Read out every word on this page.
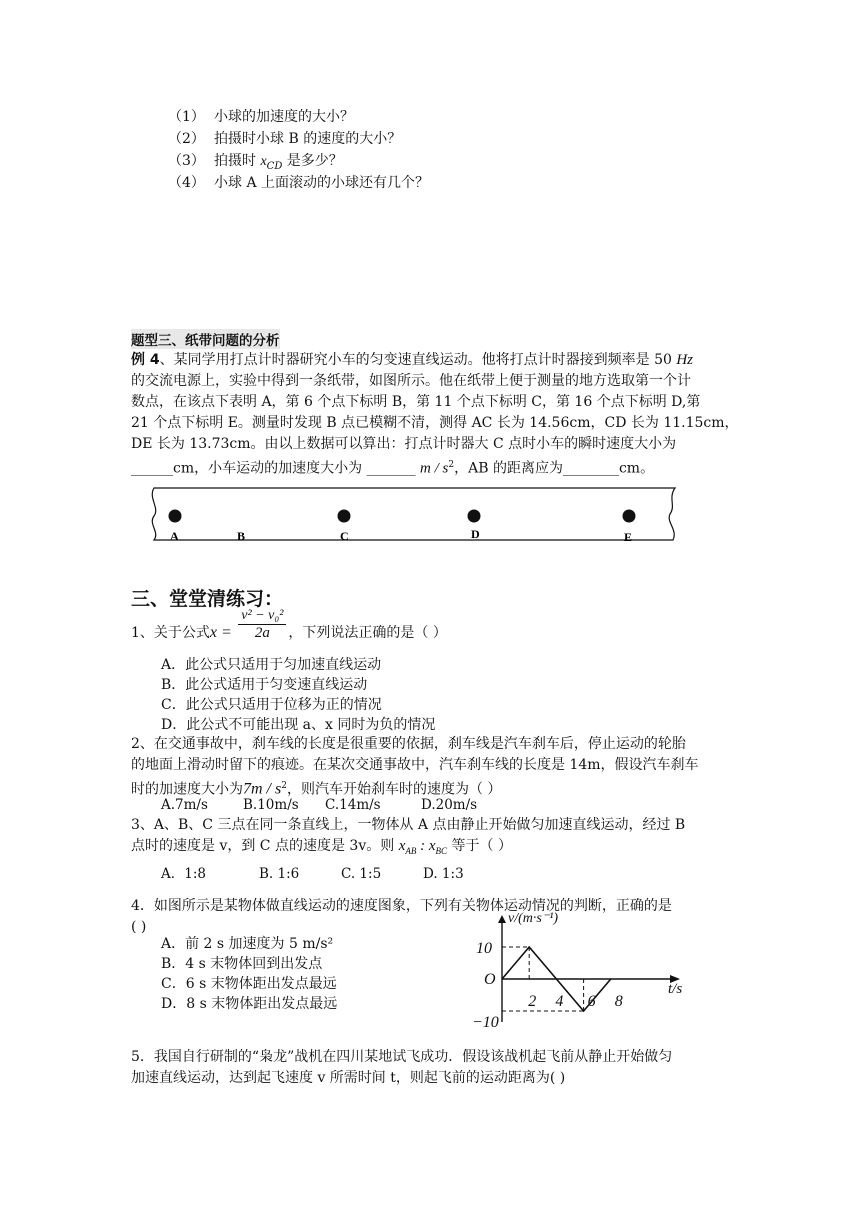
（1） 小球的加速度的大小？
（2） 拍摄时小球 B 的速度的大小？
（3） 拍摄时 $x_{CD}$ 是多少？
（4） 小球 A 上面滚动的小球还有几个？
题型三、纸带问题的分析
例 4、某同学用打点计时器研究小车的匀变速直线运动。他将打点计时器接到频率是 50 Hz
的交流电源上，实验中得到一条纸带，如图所示。他在纸带上便于测量的地方选取第一个计
数点，在该点下表明 A，第 6 个点下标明 B，第 11 个点下标明 C，第 16 个点下标明 D,第
21 个点下标明 E。测量时发现 B 点已模糊不清，测得 AC 长为 14.56cm，CD 长为 11.15cm，
DE 长为 13.73cm。由以上数据可以算出：打点计时器大 C 点时小车的瞬时速度大小为
______cm，小车运动的加速度大小为 _______ m / $s^2$，AB 的距离应为________cm。
A	B	C	D	E
三、堂堂清练习：
1、关于公式$x = \frac{\text{v² − v₀²}}{2a}$ ，下列说法正确的是（ ）
A．此公式只适用于匀加速直线运动
B．此公式适用于匀变速直线运动
C．此公式只适用于位移为正的情况
D．此公式不可能出现 a、x 同时为负的情况
2、在交通事故中，刹车线的长度是很重要的依据，刹车线是汽车刹车后，停止运动的轮胎
的地面上滑动时留下的痕迹。在某次交通事故中，汽车刹车线的长度是 14m，假设汽车刹车
时的加速度大小为$7m / s^2$，则汽车开始刹车时的速度为（ ）
A.7m/s	B.10m/s C.14m/s	D.20m/s
3、A、B、C 三点在同一条直线上，一物体从 A 点由静止开始做匀加速直线运动，经过 B
点时的速度是 v，到 C 点的速度是 3v。则 $x_{AB}$ : $x_{BC}$ 等于（ ）
A．1:8	B. 1:6	C. 1:5	D. 1:3
4．如图所示是某物体做直线运动的速度图象，下列有关物体运动情况的判断，正确的是
( )
A．前 2 s 加速度为 5 m/s²
B．4 s 末物体回到出发点
C．6 s 末物体距出发点最远
D．8 s 末物体距出发点最远
v/(m·s⁻¹)
t/s
2 4 6 8
10
O
−10
5．我国自行研制的“枭龙”战机在四川某地试飞成功．假设该战机起飞前从静止开始做匀
加速直线运动，达到起飞速度 v 所需时间 t，则起飞前的运动距离为( )
